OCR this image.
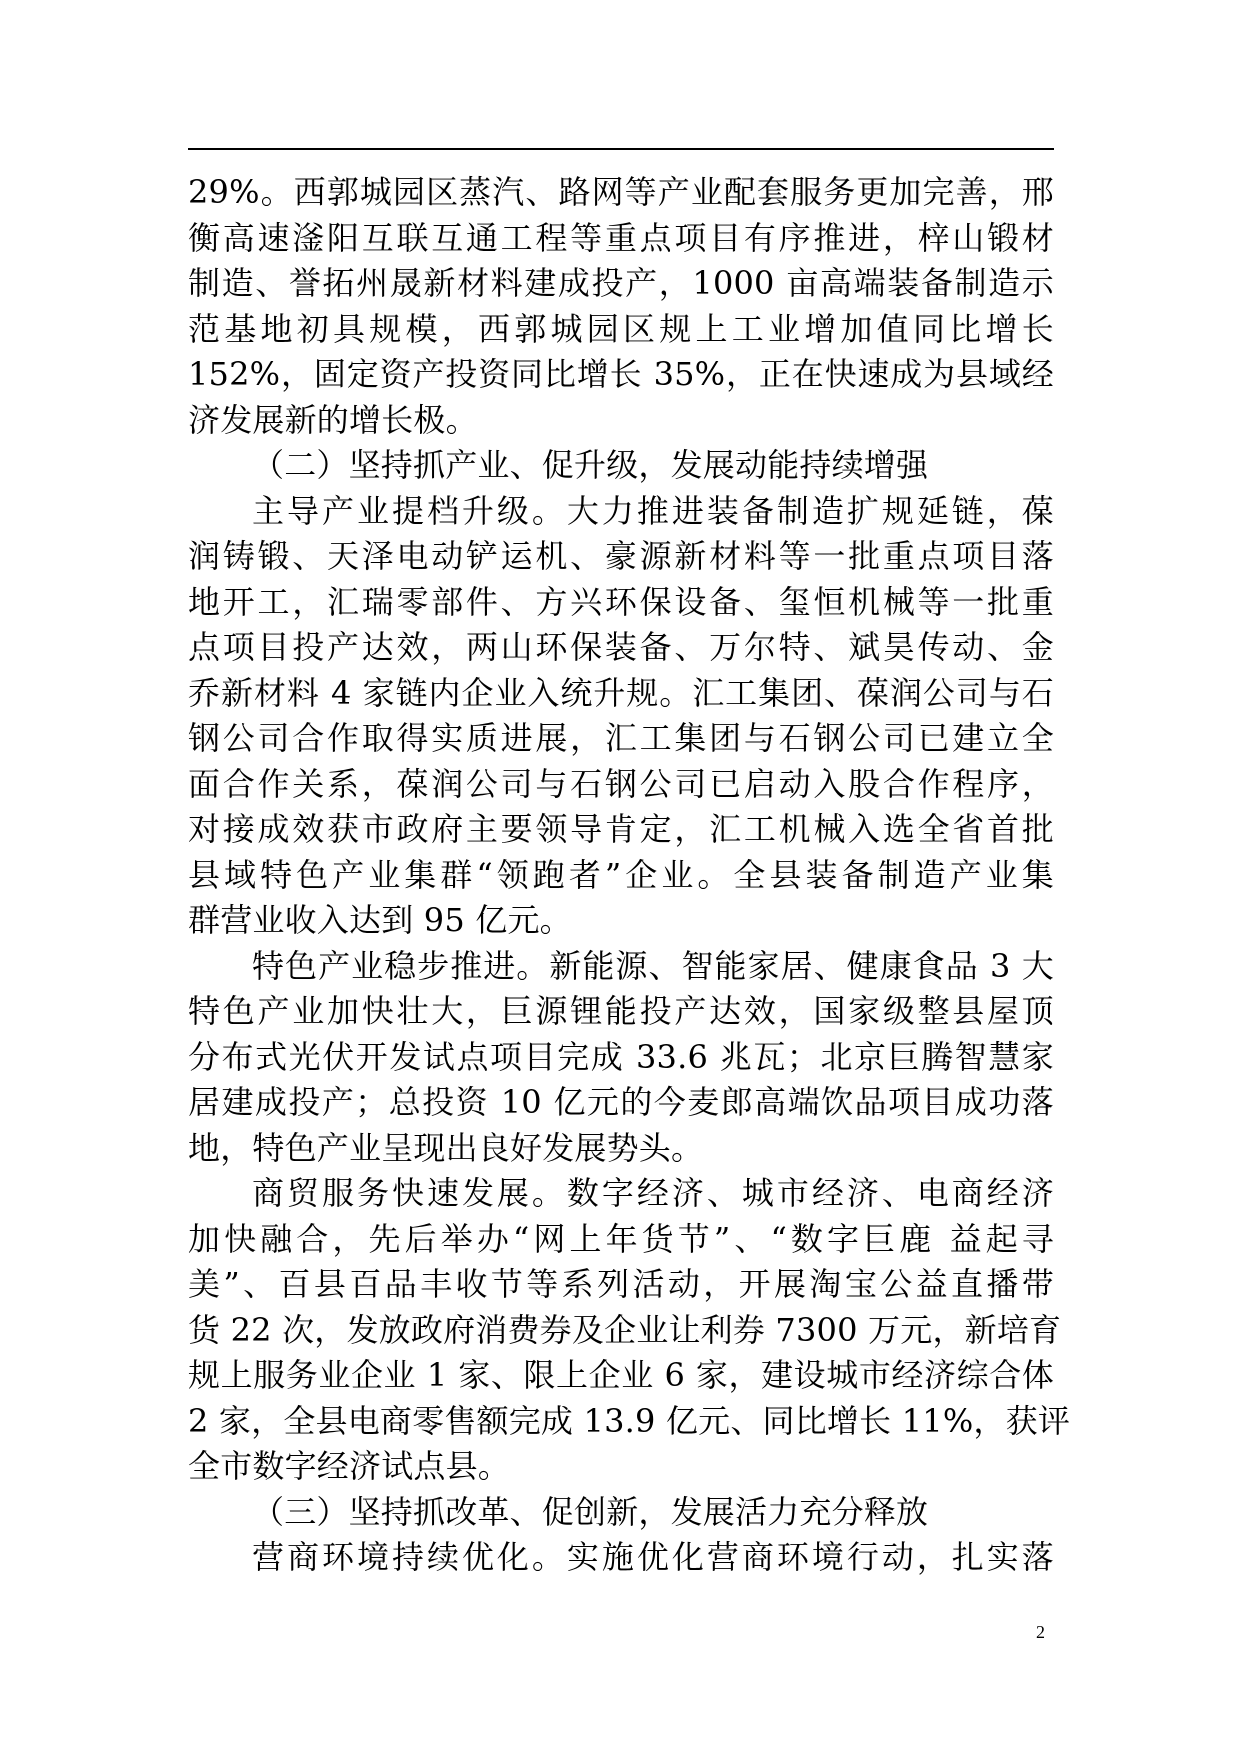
29%。西郭城园区蒸汽、路网等产业配套服务更加完善，邢
衡高速滏阳互联互通工程等重点项目有序推进，梓山锻材
制造、誉拓州晟新材料建成投产，1000 亩高端装备制造示
范基地初具规模，西郭城园区规上工业增加值同比增长
152%，固定资产投资同比增长 35%，正在快速成为县域经
济发展新的增长极。
（二）坚持抓产业、促升级，发展动能持续增强
主导产业提档升级。大力推进装备制造扩规延链，葆
润铸锻、天泽电动铲运机、豪源新材料等一批重点项目落
地开工，汇瑞零部件、方兴环保设备、玺恒机械等一批重
点项目投产达效，两山环保装备、万尔特、斌昊传动、金
乔新材料 4 家链内企业入统升规。汇工集团、葆润公司与石
钢公司合作取得实质进展，汇工集团与石钢公司已建立全
面合作关系，葆润公司与石钢公司已启动入股合作程序，
对接成效获市政府主要领导肯定，汇工机械入选全省首批
县域特色产业集群“领跑者”企业。全县装备制造产业集
群营业收入达到 95 亿元。
特色产业稳步推进。新能源、智能家居、健康食品 3 大
特色产业加快壮大，巨源锂能投产达效，国家级整县屋顶
分布式光伏开发试点项目完成 33.6 兆瓦；北京巨腾智慧家
居建成投产；总投资 10 亿元的今麦郎高端饮品项目成功落
地，特色产业呈现出良好发展势头。
商贸服务快速发展。数字经济、城市经济、电商经济
加快融合，先后举办“网上年货节”、“数字巨鹿 益起寻
美”、百县百品丰收节等系列活动，开展淘宝公益直播带
货 22 次，发放政府消费券及企业让利券 7300 万元，新培育
规上服务业企业 1 家、限上企业 6 家，建设城市经济综合体
2 家，全县电商零售额完成 13.9 亿元、同比增长 11%，获评
全市数字经济试点县。
（三）坚持抓改革、促创新，发展活力充分释放
营商环境持续优化。实施优化营商环境行动，扎实落
2
